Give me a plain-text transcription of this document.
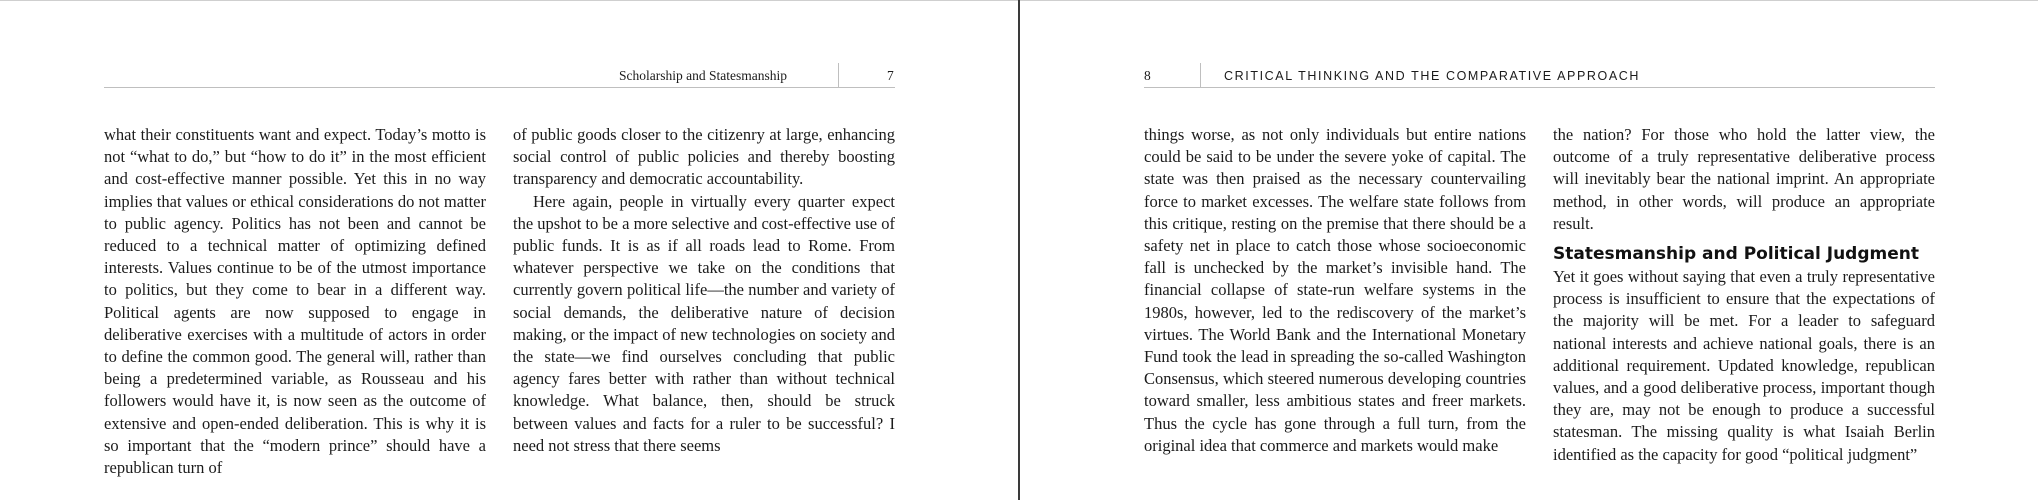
Scholarship and Statesmanship	7

what their constituents want and expect. Today’s motto is not “what to do,” but “how to do it” in the most efficient and cost-effective manner possible. Yet this in no way implies that values or ethical considerations do not matter to public agency. Politics has not been and cannot be reduced to a technical matter of optimizing defined interests. Values continue to be of the utmost importance to politics, but they come to bear in a different way. Political agents are now supposed to engage in deliberative exercises with a multitude of actors in order to define the common good. The general will, rather than being a predetermined variable, as Rousseau and his followers would have it, is now seen as the outcome of extensive and open-ended deliberation. This is why it is so important that the “modern prince” should have a republican turn of

of public goods closer to the citizenry at large, enhancing social control of public policies and thereby boosting transparency and democratic accountability.

Here again, people in virtually every quarter expect the upshot to be a more selective and cost-effective use of public funds. It is as if all roads lead to Rome. From whatever perspective we take on the conditions that currently govern political life—the number and variety of social demands, the deliberative nature of decision making, or the impact of new technologies on society and the state—we find ourselves concluding that public agency fares better with rather than without technical knowledge. What balance, then, should be struck between values and facts for a ruler to be successful? I need not stress that there seems

8	CRITICAL THINKING AND THE COMPARATIVE APPROACH

things worse, as not only individuals but entire nations could be said to be under the severe yoke of capital. The state was then praised as the necessary countervailing force to market excesses. The welfare state follows from this critique, resting on the premise that there should be a safety net in place to catch those whose socioeconomic fall is unchecked by the market’s invisible hand. The financial collapse of state-run welfare systems in the 1980s, however, led to the rediscovery of the market’s virtues. The World Bank and the International Monetary Fund took the lead in spreading the so-called Washington Consensus, which steered numerous developing countries toward smaller, less ambitious states and freer markets. Thus the cycle has gone through a full turn, from the original idea that commerce and markets would make

the nation? For those who hold the latter view, the outcome of a truly representative deliberative process will inevitably bear the national imprint. An appropriate method, in other words, will produce an appropriate result.

Statesmanship and Political Judgment

Yet it goes without saying that even a truly representative process is insufficient to ensure that the expectations of the majority will be met. For a leader to safeguard national interests and achieve national goals, there is an additional requirement. Updated knowledge, republican values, and a good deliberative process, important though they are, may not be enough to produce a successful statesman. The missing quality is what Isaiah Berlin identified as the capacity for good “political judgment”
